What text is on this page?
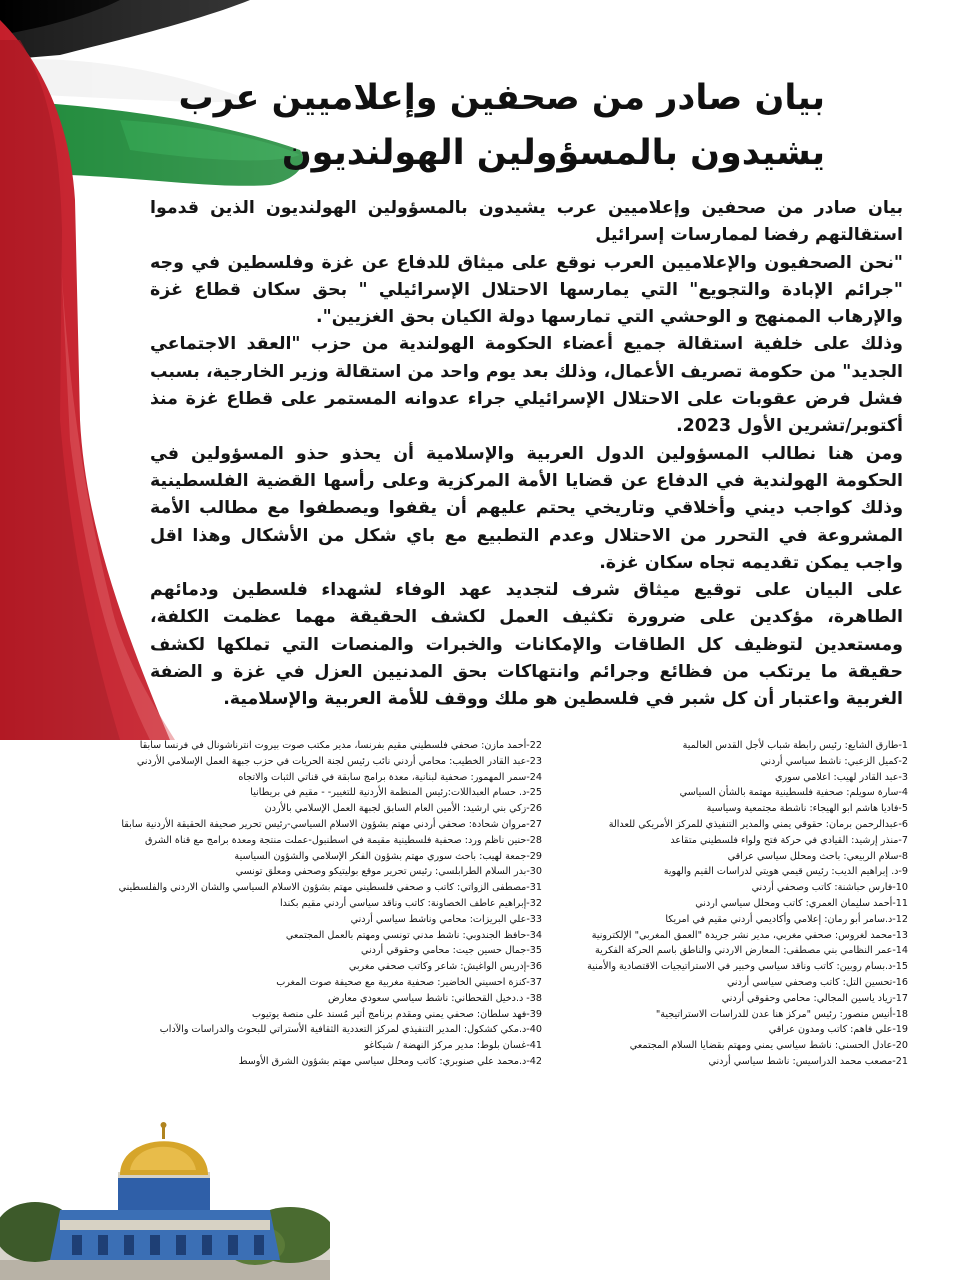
بيان صادر من صحفين وإعلاميين عرب
يشيدون بالمسؤولين الهولنديون

بيان صادر من صحفين وإعلاميين عرب يشيدون بالمسؤولين الهولنديون الذين قدموا استقالتهم رفضا لممارسات إسرائيل

"نحن الصحفيون والإعلاميين العرب نوقع على ميثاق للدفاع عن غزة وفلسطين في وجه "جرائم الإبادة والتجويع" التي يمارسها الاحتلال الإسرائيلي " بحق سكان قطاع غزة والإرهاب الممنهج و الوحشي التي تمارسها دولة الكيان بحق الغزيين".

وذلك على خلفية استقالة جميع أعضاء الحكومة الهولندية من حزب "العقد الاجتماعي الجديد" من حكومة تصريف الأعمال، وذلك بعد يوم واحد من استقالة وزير الخارجية، بسبب فشل فرض عقوبات على الاحتلال الإسرائيلي جراء عدوانه المستمر على قطاع غزة منذ أكتوبر/تشرين الأول 2023.

ومن هنا نطالب المسؤولين الدول العربية والإسلامية أن يحذو حذو المسؤولين في الحكومة الهولندية في الدفاع عن قضايا الأمة المركزية وعلى رأسها القضية الفلسطينية وذلك كواجب ديني وأخلاقي وتاريخي يحتم عليهم أن يقفوا ويصطفوا مع مطالب الأمة المشروعة في التحرر من الاحتلال وعدم التطبيع مع باي شكل من الأشكال وهذا اقل واجب يمكن تقديمه تجاه سكان غزة.

على البيان على توقيع ميثاق شرف لتجديد عهد الوفاء لشهداء فلسطين ودمائهم الطاهرة، مؤكدين على ضرورة تكثيف العمل لكشف الحقيقة مهما عظمت الكلفة، ومستعدين لتوظيف كل الطاقات والإمكانات والخبرات والمنصات التي تملكها لكشف حقيقة ما يرتكب من فظائع وجرائم وانتهاكات بحق المدنيين العزل في غزة و الضفة الغربية واعتبار أن كل شبر في فلسطين هو ملك ووقف للأمة العربية والإسلامية.

1-طارق الشايع: رئيس رابطة شباب لأجل القدس العالمية
2-كميل الزعبي: ناشط سياسي أردني
3-عبد القادر لهيب: اعلامي سوري
4-سارة سويلم: صحفية فلسطينية مهتمة بالشأن السياسي
5-فاديا هاشم ابو الهيجاء: ناشطة مجتمعية وسياسية
6-عبدالرحمن برمان: حقوقي يمني والمدير التنفيذي للمركز الأمريكي للعدالة
7-منذر إرشيد: القيادي في حركة فتح ولواء فلسطيني متقاعد
8-سلام الربيعي: باحث ومحلل سياسي عراقي
9-د. إبراهيم الديب: رئيس قيمي هويتي لدراسات القيم والهوية
10-فارس حباشنة: كاتب وصحفي أردني
11-أحمد سليمان العمري: كاتب ومحلل سياسي اردني
12-د.سامر أبو رمان: إعلامي وأكاديمي أردني مقيم في امريكا
13-محمد لغروس: صحفي مغربي، مدير نشر جريدة "العمق المغربي" الإلكترونية
14-عمر النظامي بني مصطفى: المعارض الاردني والناطق باسم الحركة الفكرية
15-د.بسام روبين: كاتب وناقد سياسي وخبير في الاستراتيجيات الاقتصادية والأمنية
16-تحسين التل: كاتب وصحفي سياسي أردني
17-زياد ياسين المجالي: محامي وحقوقي أردني
18-أنيس منصور: رئيس "مركز هنا عدن للدراسات الاستراتيجية"
19-علي فاهم: كاتب ومدون عراقي
20-عادل الحسني: ناشط سياسي يمني ومهتم بقضايا السلام المجتمعي
21-مصعب محمد الدراسيس: ناشط سياسي أردني
22-أحمد مازن: صحفي فلسطيني مقيم بفرنسا، مدير مكتب صوت بيروت انترناشونال في فرنسا سابقا
23-عبد القادر الخطيب: محامي أردني نائب رئيس لجنة الحريات في حزب جبهة العمل الإسلامي الأردني
24-سمر المهمور: صحفية لبنانية، معدة برامج سابقة في قناتي الثبات والاتجاه
25-د. حسام العبداللات:رئيس المنظمة الأردنية للتغيير- - مقيم في بريطانيا
26-زكي بني ارشيد: الأمين العام السابق لجبهة العمل الإسلامي بالأردن
27-مروان شحادة: صحفي أردني مهتم بشؤون الاسلام السياسي-رئيس تحرير صحيفة الحقيقة الأردنية سابقا
28-حنين ناظم ورد: صحفية فلسطينية مقيمة في اسطنبول-عملت منتجة ومعدة برامج مع قناة الشرق
29-جمعة لهيب: باحث سوري مهتم بشؤون الفكر الإسلامي والشؤون السياسية
30-بدر السلام الطرابلسي: رئيس تحرير موقع بوليتيكو وصحفي ومعلق تونسي
31-مصطفى الزواتي: كاتب و صحفي فلسطيني مهتم بشؤون الاسلام السياسي والشان الاردني والفلسطيني
32-إبراهيم عاطف الخصاونة: كاتب وناقد سياسي أردني مقيم بكندا
33-علي البريزات: محامي وناشط سياسي أردني
34-حافظ الجندوبي: ناشط مدني تونسي ومهتم بالعمل المجتمعي
35-جمال حسين جيت: محامي وحقوقي أردني
36-إدريس الواغيش: شاعر وكاتب صحفي مغربي
37-كنزة احسيني الخاضير: صحفية مغربية مع صحيفة صوت المغرب
38- د.دخيل القحطاني: ناشط سياسي سعودي معارض
39-فهد سلطان: صحفي يمني ومقدم برنامج أثير مُسند على منصة يوتيوب
40-د.مكي كشكول: المدير التنفيذي لمركز التعددية الثقافية الأستراتي للبحوث والدراسات والآداب
41-غسان بلوط: مدير مركز النهضة / شيكاغو
42-د.محمد علي صنوبري: كاتب ومحلل سياسي مهتم بشؤون الشرق الأوسط
